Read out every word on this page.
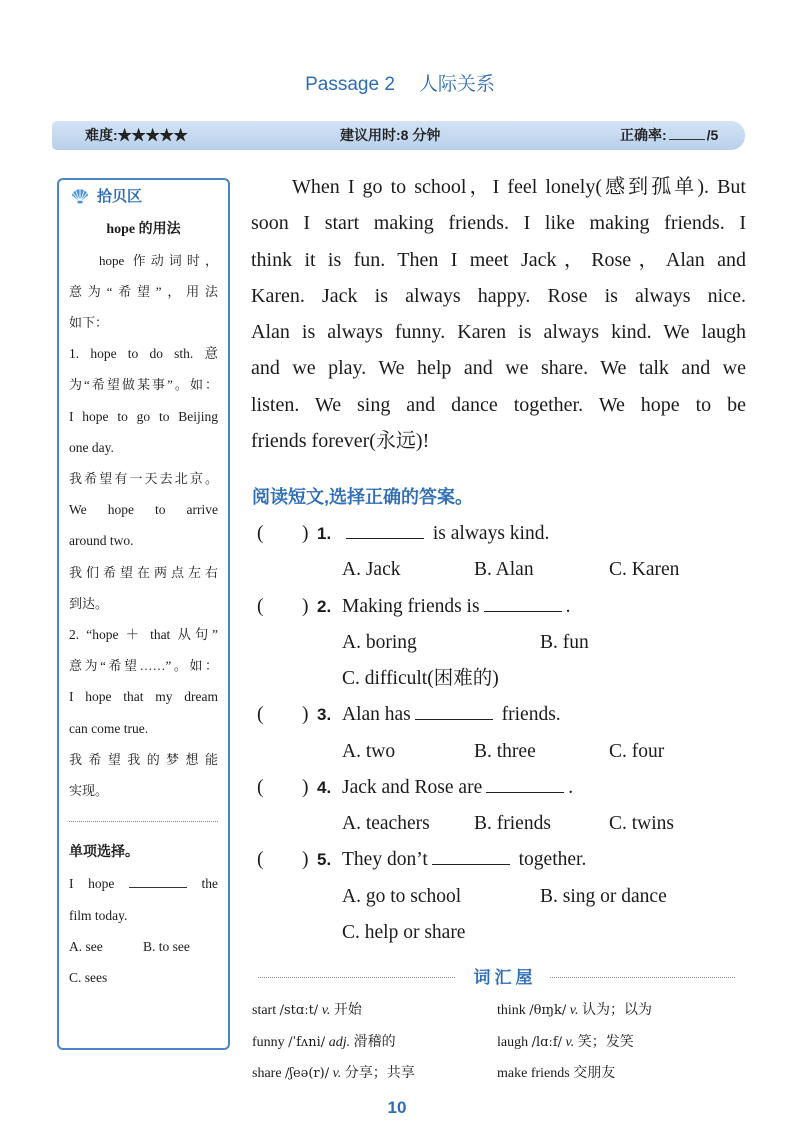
Passage 2 人际关系
难度:★★★★★	建议用时:8 分钟	正确率:	/5
拾贝区
hope 的用法
hope 作动词时，
意为“希望”，用法
如下：
1. hope to do sth. 意
为“希望做某事”。如：
I hope to go to Beijing
one day.
我希望有一天去北京。
We hope to arrive
around two.
我们希望在两点左右
到达。
2. “hope ＋ that 从句”
意为“希望……”。如：
I hope that my dream
can come true.
我希望我的梦想能
实现。
单项选择。
I hope	the
film today.
A. see	B. to see
C. sees
When I go to school，I feel lonely(感到孤单). But
soon I start making friends. I like making friends. I
think it is fun. Then I meet Jack，Rose，Alan and
Karen. Jack is always happy. Rose is always nice.
Alan is always funny. Karen is always kind. We laugh
and we play. We help and we share. We talk and we
listen. We sing and dance together. We hope to be
friends forever(永远)!
阅读短文,选择正确的答案。
( ) 1.	is always kind.
A. Jack	B. Alan	C. Karen
( ) 2. Making friends is	.
A. boring	B. fun
C. difficult(困难的)
( ) 3. Alan has	friends.
A. two	B. three	C. four
( ) 4. Jack and Rose are	.
A. teachers B. friends	C. twins
( ) 5. They don’t	together.
A. go to school	B. sing or dance
C. help or share
词汇屋
start /stɑːt/ v. 开始	think /θɪŋk/ v. 认为；以为
funny /ˈfʌni/ adj. 滑稽的	laugh /lɑːf/ v. 笑；发笑
share /ʃeə(r)/ v. 分享；共享	make friends 交朋友
10
